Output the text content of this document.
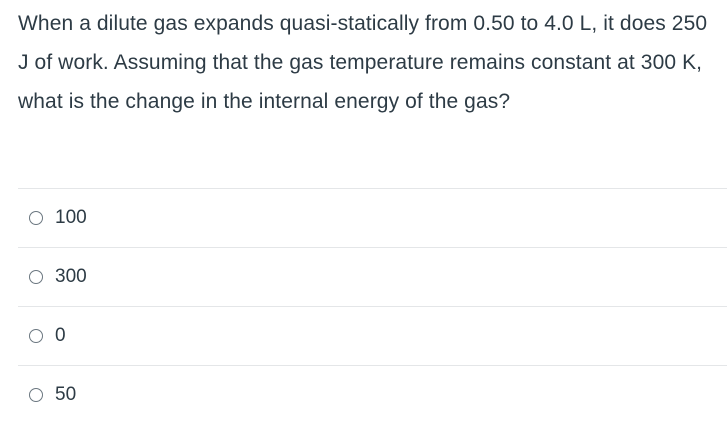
When a dilute gas expands quasi-statically from 0.50 to 4.0 L, it does 250 J of work. Assuming that the gas temperature remains constant at 300 K, what is the change in the internal energy of the gas?
100
300
0
50
